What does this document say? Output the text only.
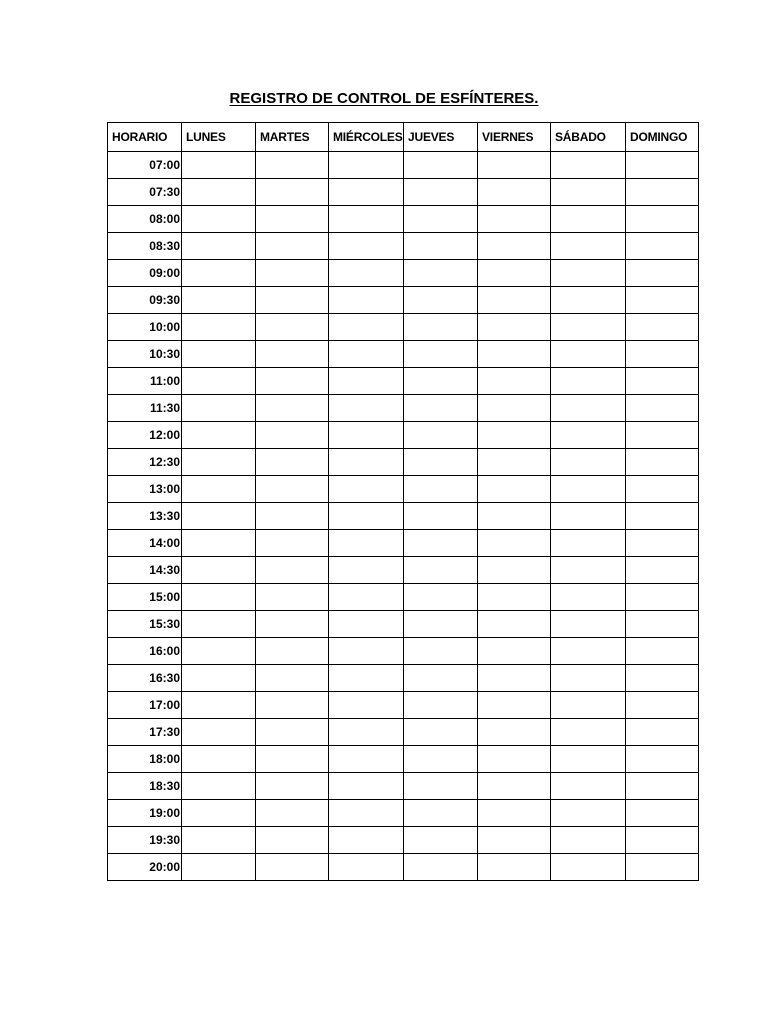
REGISTRO DE CONTROL DE ESFÍNTERES.
HORARIO	LUNES	MARTES	MIÉRCOLES	JUEVES	VIERNES	SÁBADO	DOMINGO
07:00							
07:30							
08:00							
08:30							
09:00							
09:30							
10:00							
10:30							
11:00							
11:30							
12:00							
12:30							
13:00							
13:30							
14:00							
14:30							
15:00							
15:30							
16:00							
16:30							
17:00							
17:30							
18:00							
18:30							
19:00							
19:30							
20:00							
